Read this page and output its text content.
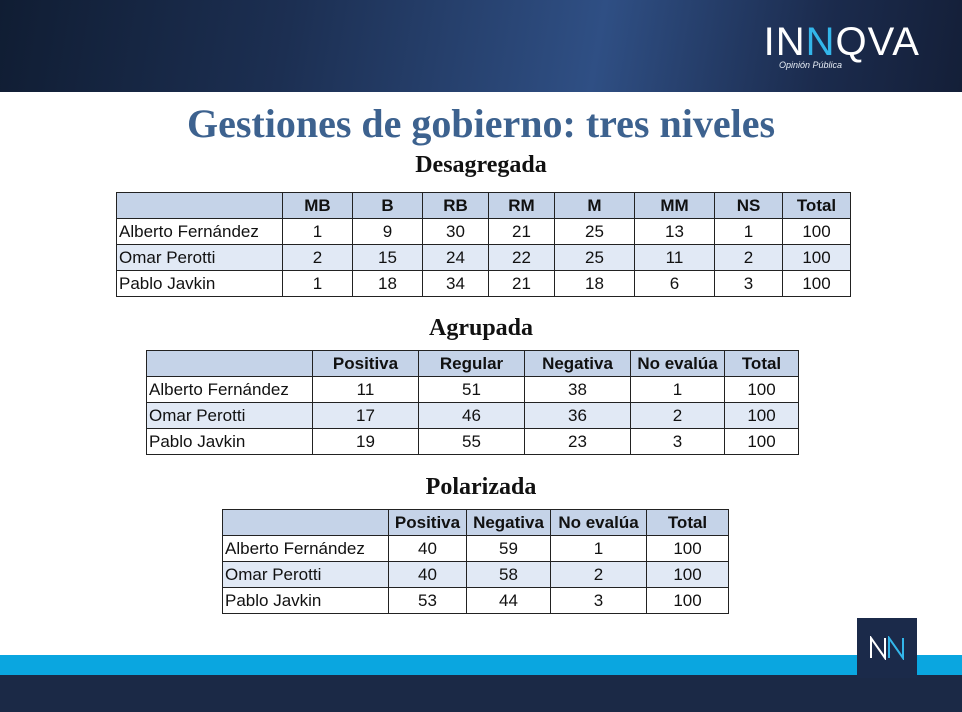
INNQVA
Opinión Pública
Gestiones de gobierno: tres niveles
Desagregada
	MB	B	RB	RM	M	MM	NS	Total
Alberto Fernández	1	9	30	21	25	13	1	100
Omar Perotti	2	15	24	22	25	11	2	100
Pablo Javkin	1	18	34	21	18	6	3	100
Agrupada
	Positiva	Regular	Negativa	No evalúa	Total
Alberto Fernández	11	51	38	1	100
Omar Perotti	17	46	36	2	100
Pablo Javkin	19	55	23	3	100
Polarizada
	Positiva	Negativa	No evalúa	Total
Alberto Fernández	40	59	1	100
Omar Perotti	40	58	2	100
Pablo Javkin	53	44	3	100
